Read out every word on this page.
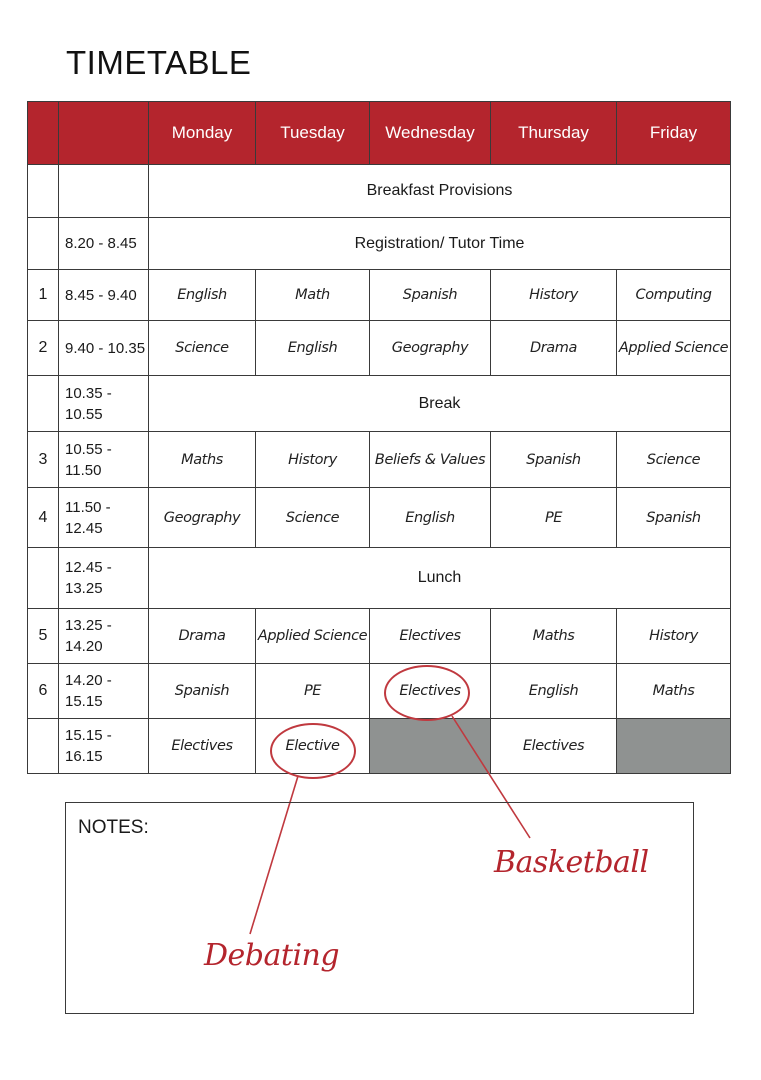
TIMETABLE
		Monday	Tuesday	Wednesday	Thursday	Friday
		Breakfast Provisions				
	8.20 - 8.45	Registration/ Tutor Time				
1	8.45 - 9.40	English	Math	Spanish	History	Computing
2	9.40 - 10.35	Science	English	Geography	Drama	Applied Science
	10.35 - 10.55	Break				
3	10.55 - 11.50	Maths	History	Beliefs & Values	Spanish	Science
4	11.50 - 12.45	Geography	Science	English	PE	Spanish
	12.45 - 13.25	Lunch				
5	13.25 - 14.20	Drama	Applied Science	Electives	Maths	History
6	14.20 - 15.15	Spanish	PE	Electives	English	Maths
	15.15 - 16.15	Electives	Elective		Electives	
NOTES:
Basketball
Debating
